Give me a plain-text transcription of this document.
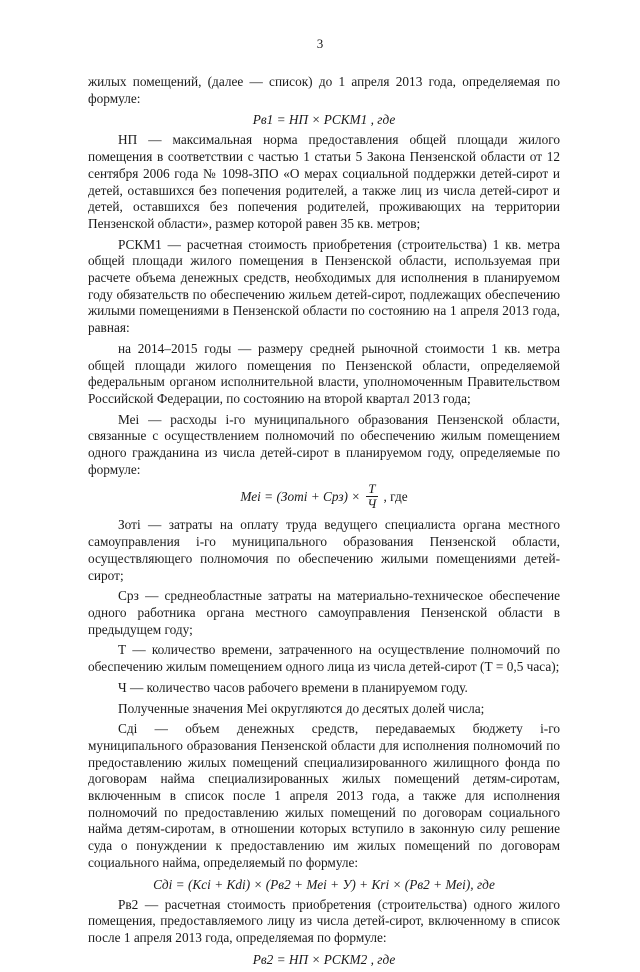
3

жилых помещений, (далее — список) до 1 апреля 2013 года, определяемая по формуле:

Рв1 = НП × РСКМ1 , где

НП — максимальная норма предоставления общей площади жилого помещения в соответствии с частью 1 статьи 5 Закона Пензенской области от 12 сентября 2006 года № 1098-ЗПО «О мерах социальной поддержки детей-сирот и детей, оставшихся без попечения родителей, а также лиц из числа детей-сирот и детей, оставшихся без попечения родителей, проживающих на территории Пензенской области», размер которой равен 35 кв. метров;

РСКМ1 — расчетная стоимость приобретения (строительства) 1 кв. метра общей площади жилого помещения в Пензенской области, используемая при расчете объема денежных средств, необходимых для исполнения в планируемом году обязательств по обеспечению жильем детей-сирот, подлежащих обеспечению жилыми помещениями в Пензенской области по состоянию на 1 апреля 2013 года, равная:

на 2014–2015 годы — размеру средней рыночной стоимости 1 кв. метра общей площади жилого помещения по Пензенской области, определяемой федеральным органом исполнительной власти, уполномоченным Правительством Российской Федерации, по состоянию на второй квартал 2013 года;

Меi — расходы i-го муниципального образования Пензенской области, связанные с осуществлением полномочий по обеспечению жилым помещением одного гражданина из числа детей-сирот в планируемом году, определяемые по формуле:

Меi = (Зотi + $Срз) \times \frac{Т}{Ч}$ , где

Зотi — затраты на оплату труда ведущего специалиста органа местного самоуправления i-го муниципального образования Пензенской области, осуществляющего полномочия по обеспечению жилыми помещениями детей-сирот;

Срз — среднеобластные затраты на материально-техническое обеспечение одного работника органа местного самоуправления Пензенской области в предыдущем году;

Т — количество времени, затраченного на осуществление полномочий по обеспечению жилым помещением одного лица из числа детей-сирот (Т = 0,5 часа);

Ч — количество часов рабочего времени в планируемом году.

Полученные значения Меi округляются до десятых долей числа;

Cдi — объем денежных средств, передаваемых бюджету i-го муниципального образования Пензенской области для исполнения полномочий по предоставлению жилых помещений специализированного жилищного фонда по договорам найма специализированных жилых помещений детям-сиротам, включенным в список после 1 апреля 2013 года, а также для исполнения полномочий по предоставлению жилых помещений по договорам социального найма детям-сиротам, в отношении которых вступило в законную силу решение суда о понуждении к предоставлению им жилых помещений по договорам социального найма, определяемый по формуле:

Cдi = (Kci + Kdi) × (Рв2 + Меi + У) + Kri × (Рв2 + Меi), где

Рв2 — расчетная стоимость приобретения (строительства) одного жилого помещения, предоставляемого лицу из числа детей-сирот, включенному в список после 1 апреля 2013 года, определяемая по формуле:

Рв2 = НП × РСКМ2 , где
